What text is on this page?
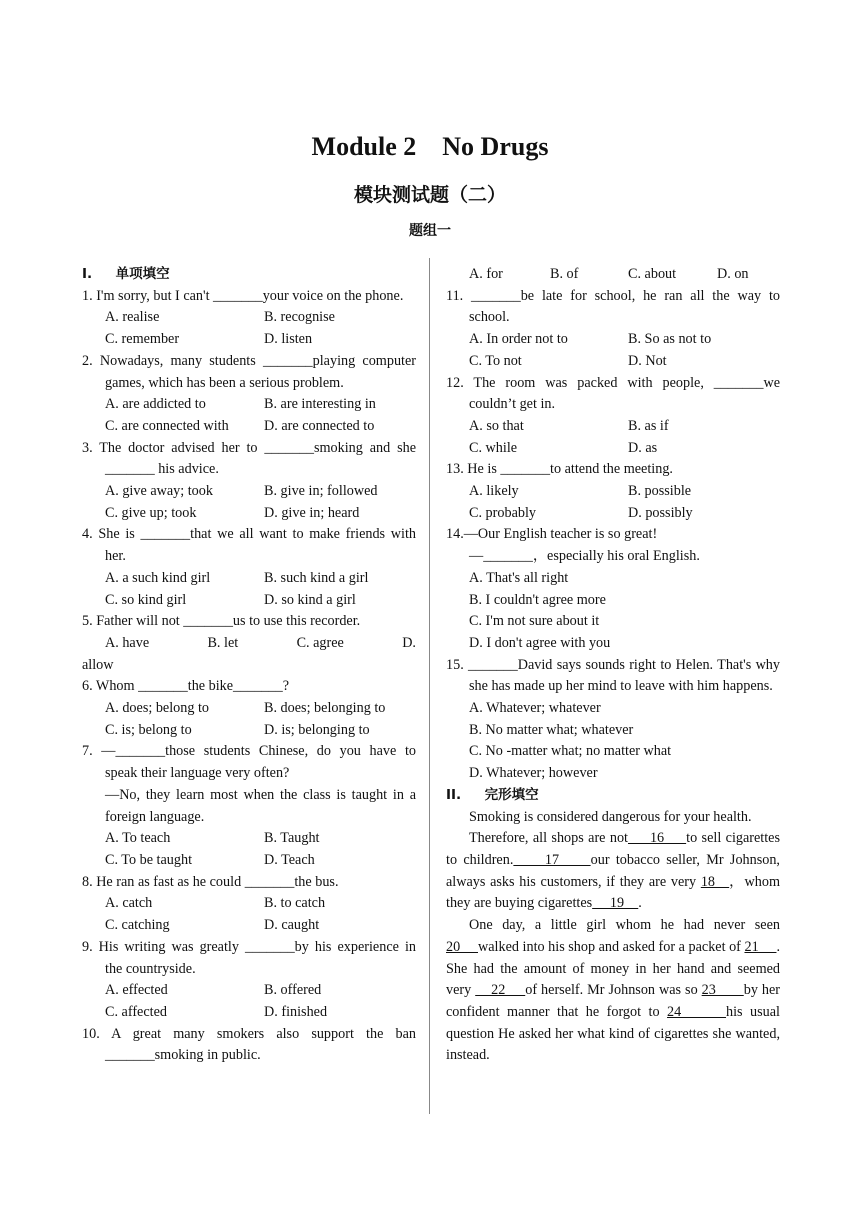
Module 2    No Drugs
模块测试题（二）
题组一
I.     单项填空
1. I'm sorry, but I can't _______your voice on the phone.
A. realise	B. recognise
C. remember	D. listen
2. Nowadays, many students _______playing computer games, which has been a serious problem.
A. are addicted to	B. are interesting in
C. are connected with	D. are connected to
3. The doctor advised her to _______smoking and she _______ his advice.
A. give away; took	B. give in; followed
C. give up; took	D. give in; heard
4. She is _______that we all want to make friends with her.
A. a such kind girl	B. such kind a girl
C. so kind girl	D. so kind a girl
5. Father will not _______us to use this recorder.
A. have	B. let	C. agree	D.
allow
6. Whom _______the bike_______?
A. does; belong to	B. does; belonging to
C. is; belong to	D. is; belonging to
7. —_______those students Chinese, do you have to speak their language very often?
—No, they learn most when the class is taught in a foreign language.
A. To teach	B. Taught
C. To be taught	D. Teach
8. He ran as fast as he could _______the bus.
A. catch	B. to catch
C. catching	D. caught
9. His writing was greatly _______by his experience in the countryside.
A. effected	B. offered
C. affected	D. finished
10. A great many smokers also support the ban _______smoking in public.
A. for	B. of	C. about	D. on
11. _______be late for school, he ran all the way to school.
A. In order not to	B. So as not to
C. To not	D. Not
12. The room was packed with people, _______we couldn’t get in.
A. so that	B. as if
C. while	D. as
13. He is _______to attend the meeting.
A. likely	B. possible
C. probably	D. possibly
14.—Our English teacher is so great!
—_______，especially his oral English.
A. That's all right
B. I couldn't agree more
C. I'm not sure about it
D. I don't agree with you
15. _______David says sounds right to Helen. That's why she has made up her mind to leave with him happens.
A. Whatever; whatever
B. No matter what; whatever
C. No -matter what; no matter what
D. Whatever; however
II.     完形填空
Smoking is considered dangerous for your health.
Therefore, all shops are not     16     to sell cigarettes to children.     17     our tobacco seller, Mr Johnson, always asks his customers, if they are very 18   ，whom they are buying cigarettes     19    .
One day, a little girl whom he had never seen 20     walked into his shop and asked for a packet of 21     . She had the amount of money in her hand and seemed very     22     of herself. Mr Johnson was so 23       by her confident manner that he forgot to 24      his usual question He asked her what kind of cigarettes she wanted, instead.
